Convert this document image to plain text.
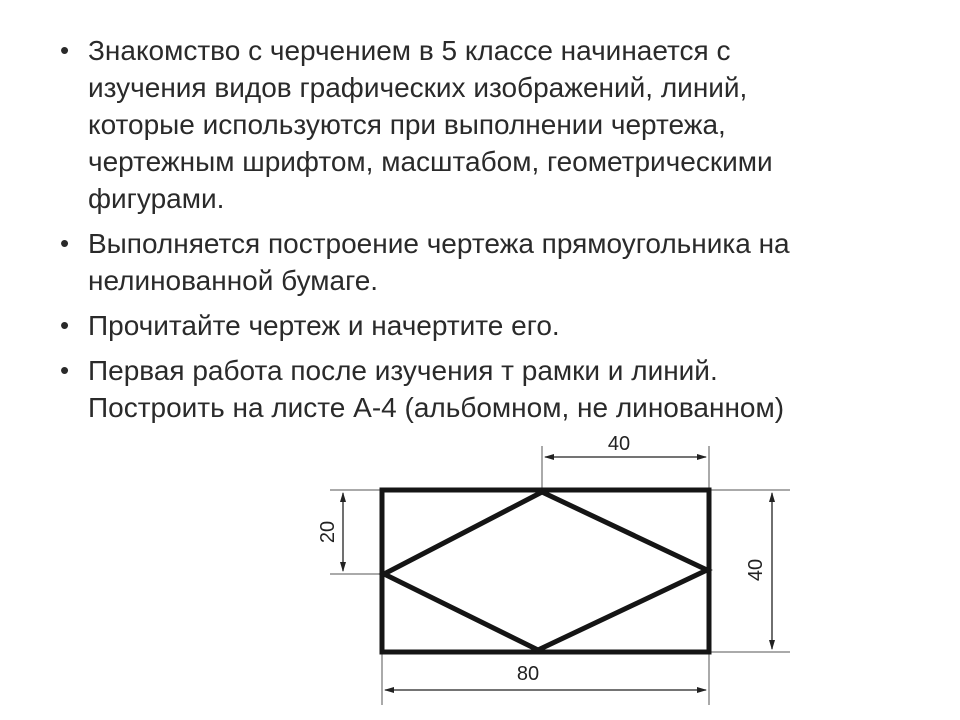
• Знакомство с черчением в 5 классе начинается с
изучения видов графических изображений, линий,
которые используются при выполнении чертежа,
чертежным шрифтом, масштабом, геометрическими
фигурами.
• Выполняется построение чертежа прямоугольника на
нелинованной бумаге.
• Прочитайте чертеж и начертите его.
• Первая работа после изучения т рамки и линий.
Построить на листе А-4 (альбомном, не линованном)
40
20
40
80
